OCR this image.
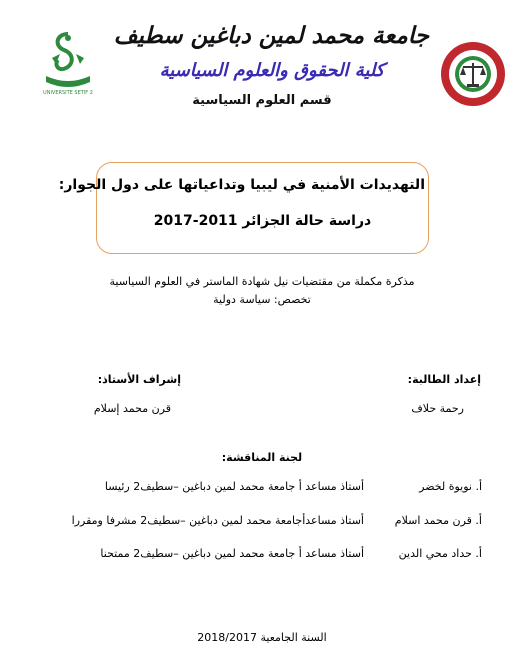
UNIVERSITE SETIF 2
جامعة محمد لمين دباغين سطيف
كلية الحقوق والعلوم السياسية
قسم العلوم السياسية
التهديدات الأمنية في ليبيا وتداعياتها على دول الجوار:
دراسة حالة الجزائر 2011-2017
مذكرة مكملة من مقتضيات نيل شهادة الماستر في العلوم السياسية
تخصص: سياسة دولية
إعداد الطالبة:
رحمة حلاف
إشراف الأستاذ:
قرن محمد إسلام
لجنة المناقشة:
أ. نويوة لخضر
أستاذ مساعد أ جامعة محمد لمين دباغين –سطيف2 رئيسا
أ. قرن محمد اسلام
أستاذ مساعدأجامعة محمد لمين دباغين –سطيف2 مشرفا ومقررا
أ. حداد محي الدين
أستاذ مساعد أ جامعة محمد لمين دباغين –سطيف2 ممتحنا
السنة الجامعية 2018/2017
